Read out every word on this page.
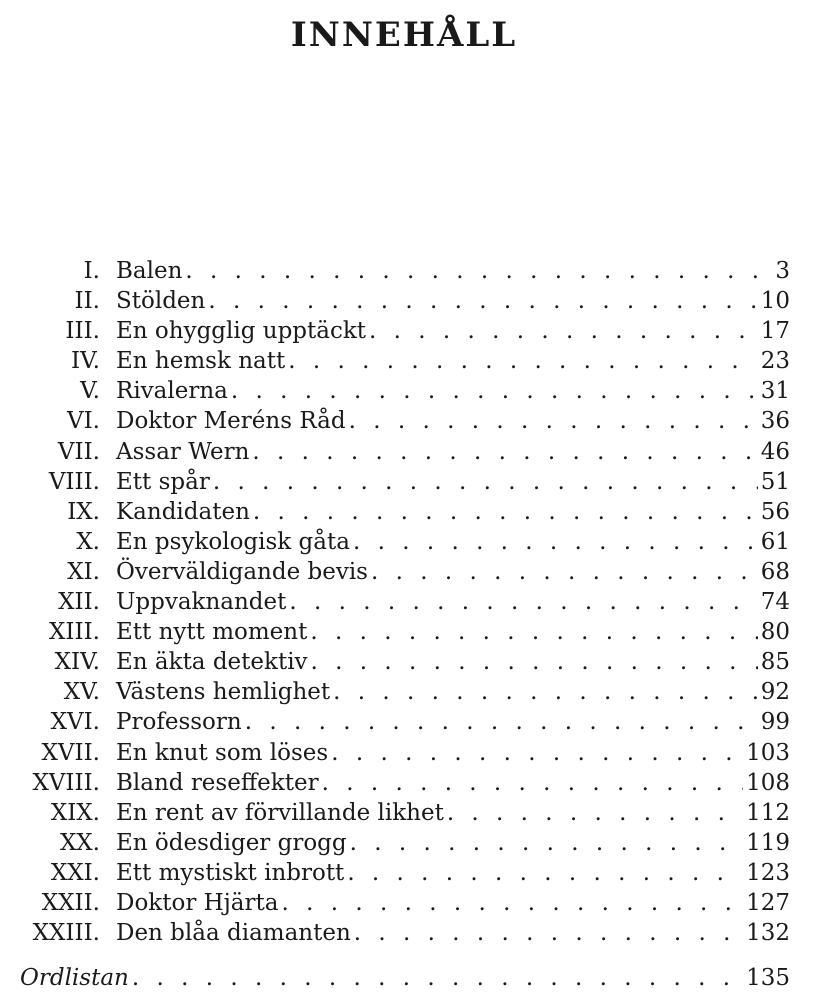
INNEHÅLL
I. Balen . . .	3
II. Stölden . . .	10
III. En ohygglig upptäckt . . .	17
IV. En hemsk natt . . .	23
V. Rivalerna . . .	31
VI. Doktor Meréns Råd . . .	36
VII. Assar Wern . . .	46
VIII. Ett spår . . .	51
IX. Kandidaten . . .	56
X. En psykologisk gåta . . .	61
XI. Överväldigande bevis . . .	68
XII. Uppvaknandet . . .	74
XIII. Ett nytt moment . . .	80
XIV. En äkta detektiv . . .	85
XV. Västens hemlighet . . .	92
XVI. Professorn . . .	99
XVII. En knut som löses . . .	103
XVIII. Bland reseffekter . . .	108
XIX. En rent av förvillande likhet . . .	112
XX. En ödesdiger grogg . . .	119
XXI. Ett mystiskt inbrott . . .	123
XXII. Doktor Hjärta . . .	127
XXIII. Den blåa diamanten . . .	132
Ordlistan . . .	135
